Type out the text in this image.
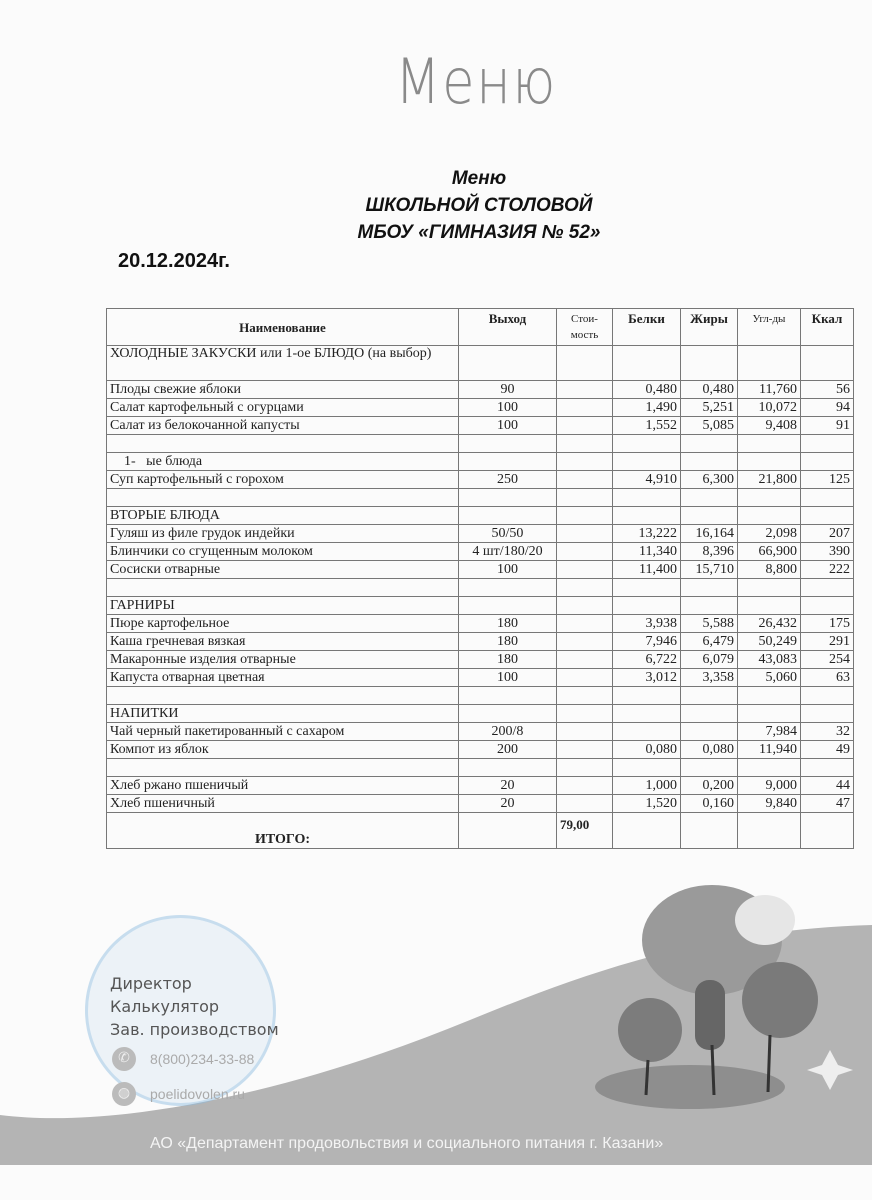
Меню
Меню
ШКОЛЬНОЙ СТОЛОВОЙ
МБОУ «ГИМНАЗИЯ № 52»
20.12.2024г.
Наименование	Выход	Стои-мость	Белки	Жиры	Угл-ды	Ккал
ХОЛОДНЫЕ ЗАКУСКИ или 1-ое БЛЮДО (на выбор)						
Плоды свежие яблоки	90		0,480	0,480	11,760	56
Салат картофельный с огурцами	100		1,490	5,251	10,072	94
Салат из белокочанной капусты	100		1,552	5,085	9,408	91

1-   ые блюда						
Суп картофельный с горохом	250		4,910	6,300	21,800	125

ВТОРЫЕ БЛЮДА						
Гуляш из филе грудок индейки	50/50		13,222	16,164	2,098	207
Блинчики со сгущенным молоком	4 шт/180/20		11,340	8,396	66,900	390
Сосиски отварные	100		11,400	15,710	8,800	222

ГАРНИРЫ						
Пюре картофельное	180		3,938	5,588	26,432	175
Каша гречневая вязкая	180		7,946	6,479	50,249	291
Макаронные изделия отварные	180		6,722	6,079	43,083	254
Капуста отварная цветная	100		3,012	3,358	5,060	63

НАПИТКИ						
Чай черный пакетированный с сахаром	200/8				7,984	32
Компот из яблок	200		0,080	0,080	11,940	49

Хлеб ржано пшеничый	20		1,000	0,200	9,000	44
Хлеб пшеничный	20		1,520	0,160	9,840	47
ИТОГО:		79,00				
Директор
Калькулятор
Зав. производством
✆	8(800)234-33-88
◍	poelidovolen.ru
АО «Департамент продовольствия и социального питания г. Казани»
